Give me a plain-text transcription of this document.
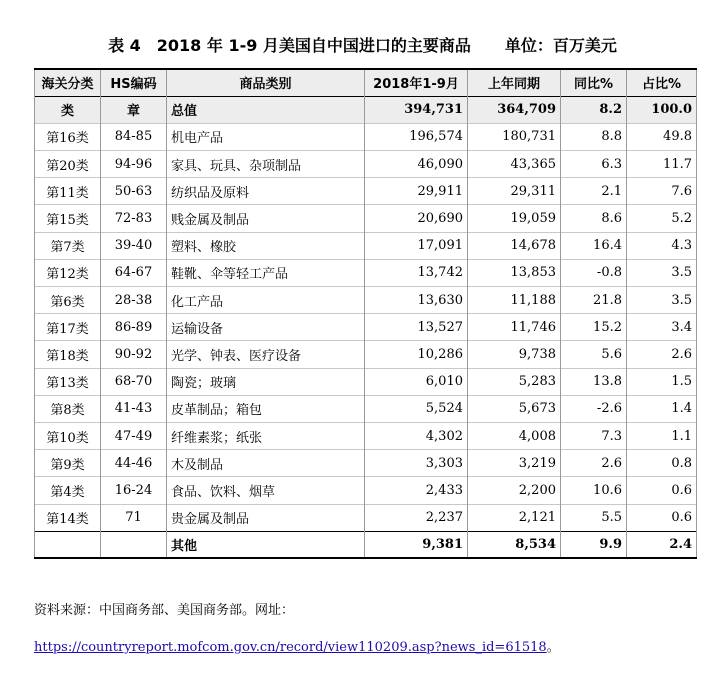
表 4　2018 年 1-9 月美国自中国进口的主要商品 单位：百万美元
海关分类	HS编码	商品类别	2018年1-9月	上年同期	同比%	占比%
类	章	总值	394,731	364,709	8.2	100.0
第16类	84-85	机电产品	196,574	180,731	8.8	49.8
第20类	94-96	家具、玩具、杂项制品	46,090	43,365	6.3	11.7
第11类	50-63	纺织品及原料	29,911	29,311	2.1	7.6
第15类	72-83	贱金属及制品	20,690	19,059	8.6	5.2
第7类	39-40	塑料、橡胶	17,091	14,678	16.4	4.3
第12类	64-67	鞋靴、伞等轻工产品	13,742	13,853	-0.8	3.5
第6类	28-38	化工产品	13,630	11,188	21.8	3.5
第17类	86-89	运输设备	13,527	11,746	15.2	3.4
第18类	90-92	光学、钟表、医疗设备	10,286	9,738	5.6	2.6
第13类	68-70	陶瓷；玻璃	6,010	5,283	13.8	1.5
第8类	41-43	皮革制品；箱包	5,524	5,673	-2.6	1.4
第10类	47-49	纤维素浆；纸张	4,302	4,008	7.3	1.1
第9类	44-46	木及制品	3,303	3,219	2.6	0.8
第4类	16-24	食品、饮料、烟草	2,433	2,200	10.6	0.6
第14类	71	贵金属及制品	2,237	2,121	5.5	0.6
		其他	9,381	8,534	9.9	2.4
资料来源：中国商务部、美国商务部。网址：
https://countryreport.mofcom.gov.cn/record/view110209.asp?news_id=61518。
